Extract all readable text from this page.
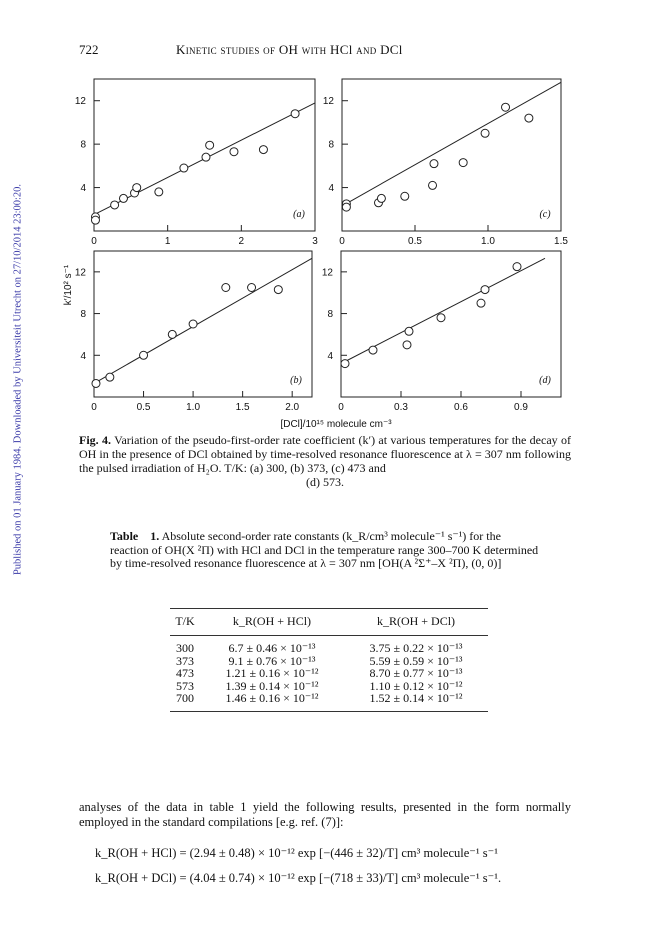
Published on 01 January 1984. Downloaded by Universiteit Utrecht on 27/10/2014 23:00:20.
722	Kinetic studies of OH with HCl and DCl
4
8
12
0	1	2	3
(a)
4
8
12
0	0.5	1.0	1.5
(c)
4
8
12
0	0.5	1.0	1.5	2.0
(b)
4
8
12
0	0.3	0.6	0.9
(d)
k′/10² s⁻¹
[DCl]/10¹⁵ molecule cm⁻³
Fig. 4. Variation of the pseudo-first-order rate coefficient (k′) at various temperatures for the decay of OH in the presence of DCl obtained by time-resolved resonance fluorescence at λ = 307 nm following the pulsed irradiation of H₂O. T/K: (a) 300, (b) 373, (c) 473 and
(d) 573.
Table 1. Absolute second-order rate constants (k_R/cm³ molecule⁻¹ s⁻¹) for the reaction of OH(X ²Π) with HCl and DCl in the temperature range 300–700 K determined by time-resolved resonance fluorescence at λ = 307 nm [OH(A ²Σ⁺–X ²Π), (0, 0)]
T/K	k_R(OH + HCl)	k_R(OH + DCl)
300	6.7 ± 0.46 × 10⁻¹³	3.75 ± 0.22 × 10⁻¹³
373	9.1 ± 0.76 × 10⁻¹³	5.59 ± 0.59 × 10⁻¹³
473	1.21 ± 0.16 × 10⁻¹²	8.70 ± 0.77 × 10⁻¹³
573	1.39 ± 0.14 × 10⁻¹²	1.10 ± 0.12 × 10⁻¹²
700	1.46 ± 0.16 × 10⁻¹²	1.52 ± 0.14 × 10⁻¹²
analyses of the data in table 1 yield the following results, presented in the form normally employed in the standard compilations [e.g. ref. (7)]:
k_R(OH + HCl) = (2.94 ± 0.48) × 10⁻¹² exp [−(446 ± 32)/T] cm³ molecule⁻¹ s⁻¹
k_R(OH + DCl) = (4.04 ± 0.74) × 10⁻¹² exp [−(718 ± 33)/T] cm³ molecule⁻¹ s⁻¹.
